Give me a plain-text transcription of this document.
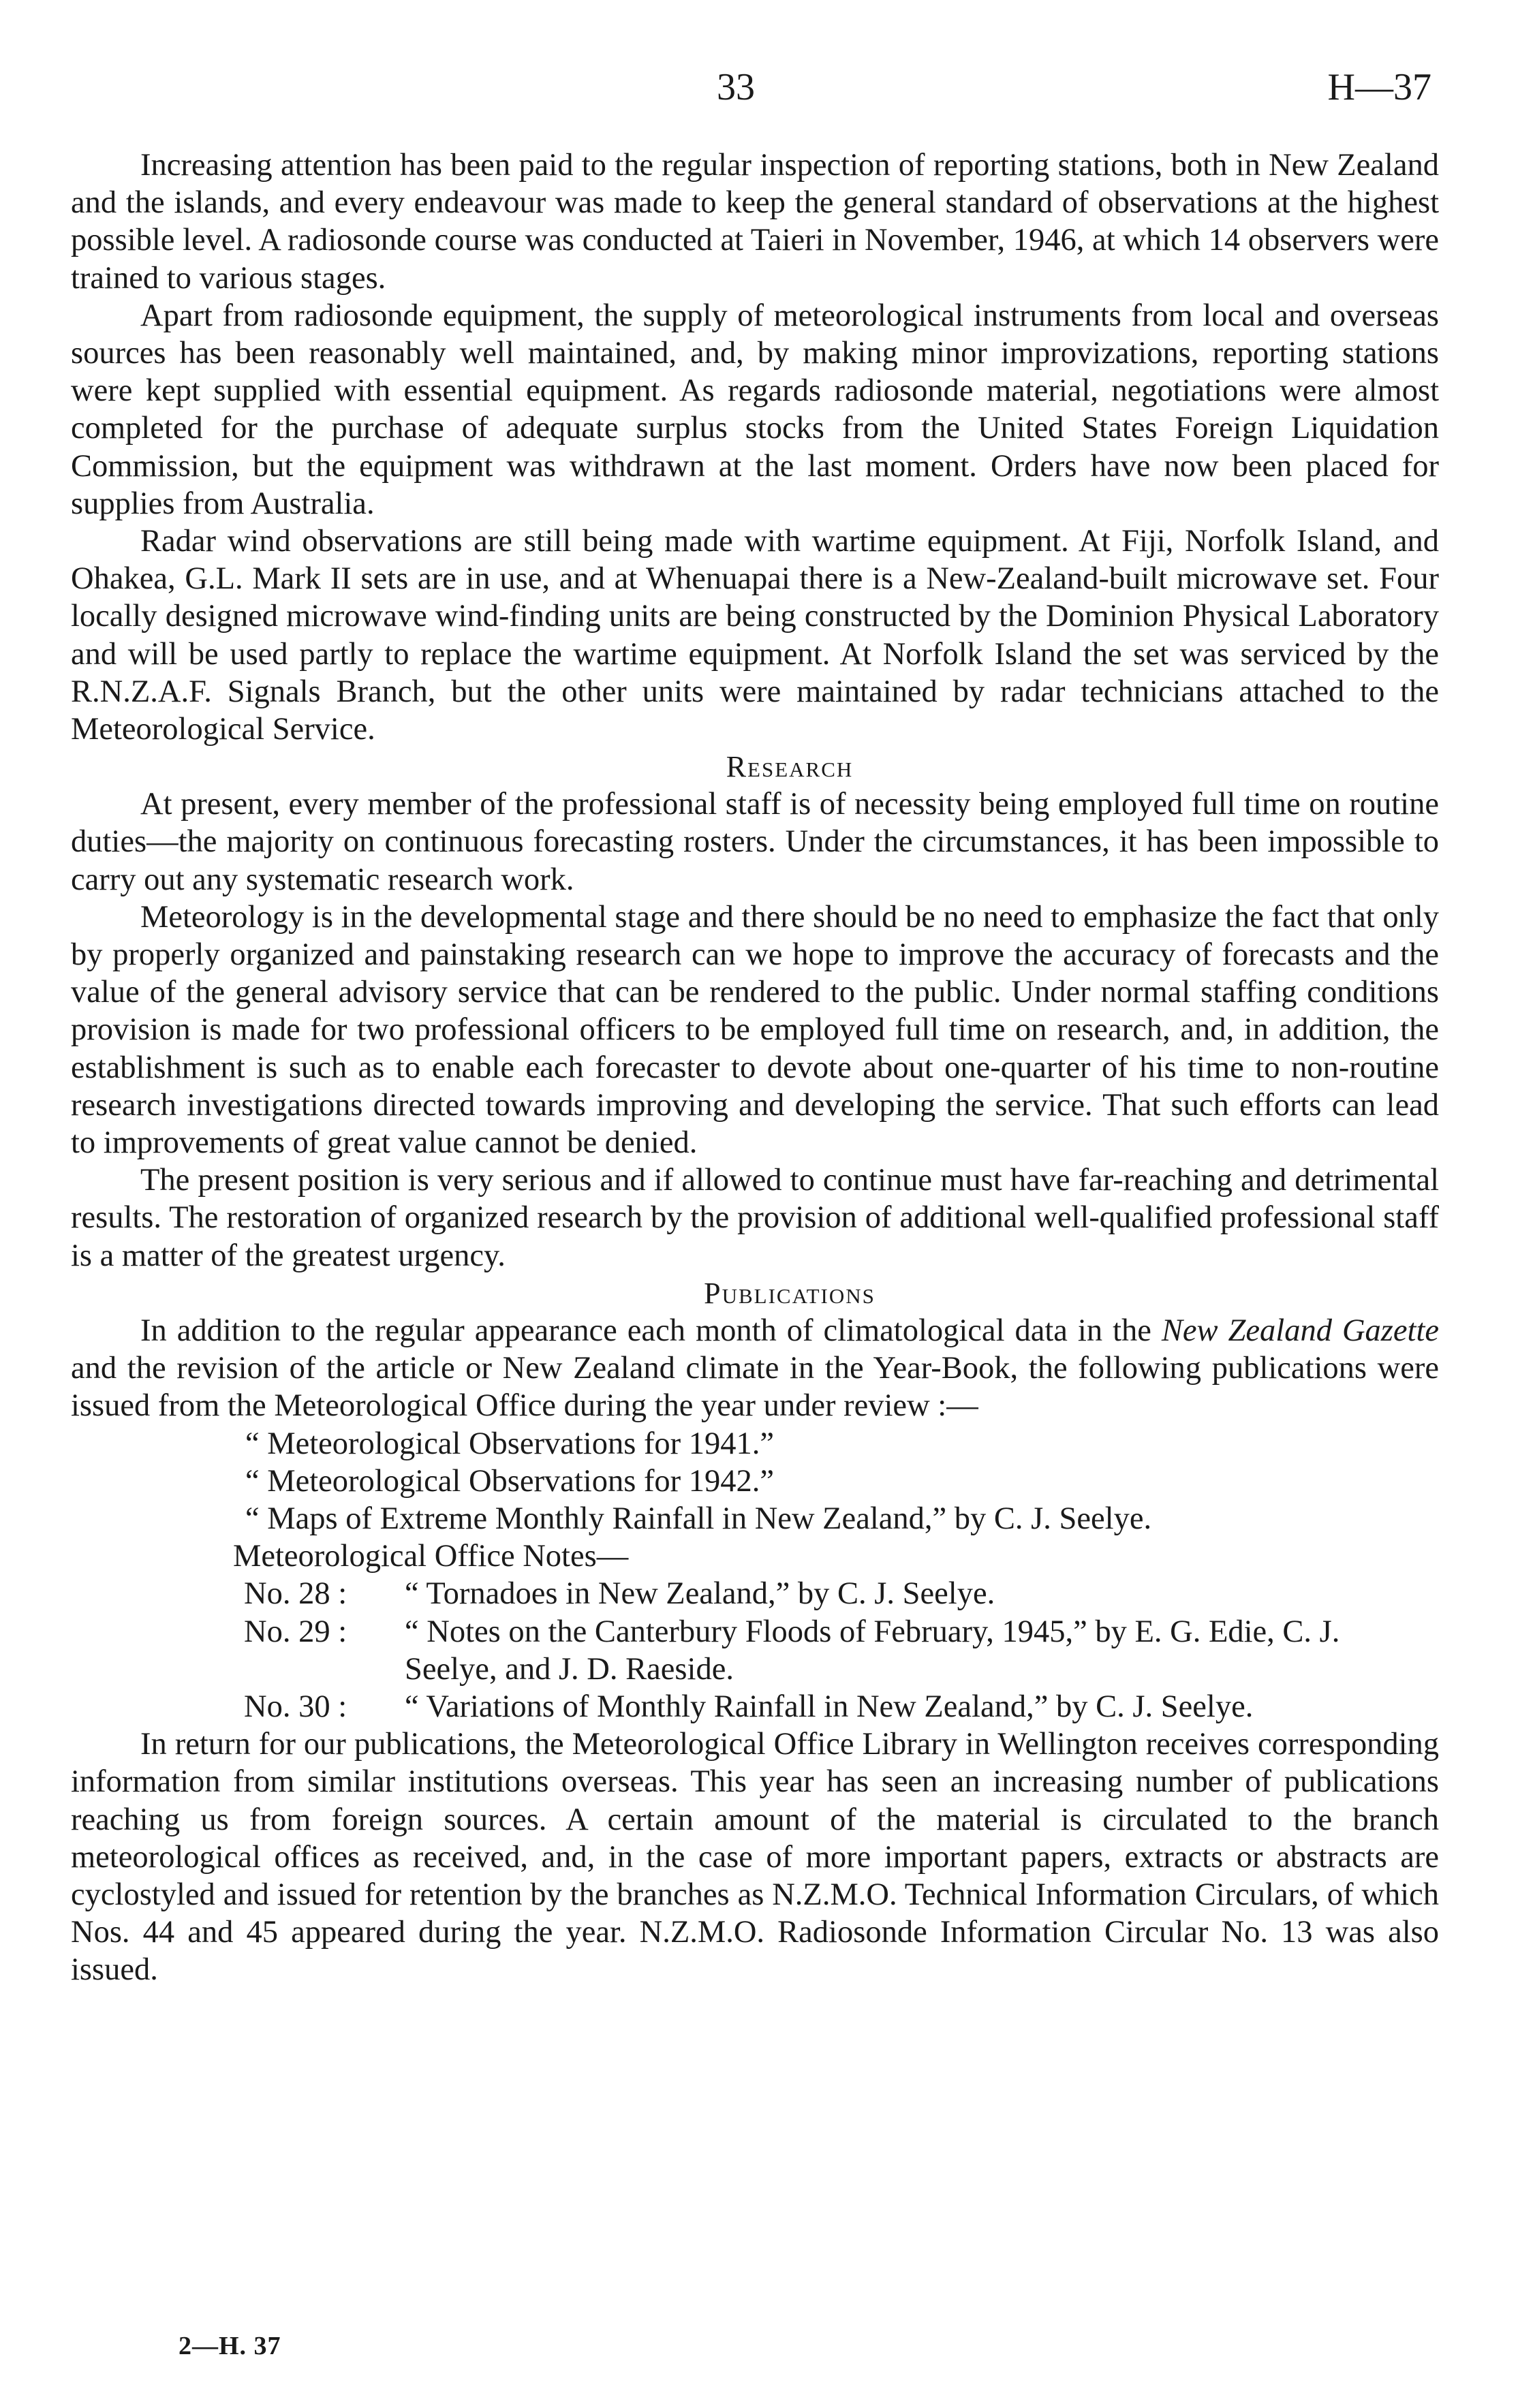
33	H—37

Increasing attention has been paid to the regular inspection of reporting stations, both in New Zealand and the islands, and every endeavour was made to keep the general standard of observations at the highest possible level. A radiosonde course was conducted at Taieri in November, 1946, at which 14 observers were trained to various stages.

Apart from radiosonde equipment, the supply of meteorological instruments from local and overseas sources has been reasonably well maintained, and, by making minor improvizations, reporting stations were kept supplied with essential equipment. As regards radiosonde material, negotiations were almost completed for the purchase of adequate surplus stocks from the United States Foreign Liquidation Commission, but the equipment was withdrawn at the last moment. Orders have now been placed for supplies from Australia.

Radar wind observations are still being made with wartime equipment. At Fiji, Norfolk Island, and Ohakea, G.L. Mark II sets are in use, and at Whenuapai there is a New-Zealand-built microwave set. Four locally designed microwave wind-finding units are being constructed by the Dominion Physical Laboratory and will be used partly to replace the wartime equipment. At Norfolk Island the set was serviced by the R.N.Z.A.F. Signals Branch, but the other units were maintained by radar technicians attached to the Meteorological Service.

Research

At present, every member of the professional staff is of necessity being employed full time on routine duties—the majority on continuous forecasting rosters. Under the circumstances, it has been impossible to carry out any systematic research work.

Meteorology is in the developmental stage and there should be no need to emphasize the fact that only by properly organized and painstaking research can we hope to improve the accuracy of forecasts and the value of the general advisory service that can be rendered to the public. Under normal staffing conditions provision is made for two professional officers to be employed full time on research, and, in addition, the establishment is such as to enable each forecaster to devote about one-quarter of his time to non-routine research investigations directed towards improving and developing the service. That such efforts can lead to improvements of great value cannot be denied.

The present position is very serious and if allowed to continue must have far-reaching and detrimental results. The restoration of organized research by the provision of additional well-qualified professional staff is a matter of the greatest urgency.

Publications

In addition to the regular appearance each month of climatological data in the New Zealand Gazette and the revision of the article or New Zealand climate in the Year-Book, the following publications were issued from the Meteorological Office during the year under review :—

“ Meteorological Observations for 1941.”

“ Meteorological Observations for 1942.”

“ Maps of Extreme Monthly Rainfall in New Zealand,” by C. J. Seelye.

Meteorological Office Notes—

No. 28 :	“ Tornadoes in New Zealand,” by C. J. Seelye.
No. 29 :	“ Notes on the Canterbury Floods of February, 1945,” by E. G. Edie, C. J. Seelye, and J. D. Raeside.
No. 30 :	“ Variations of Monthly Rainfall in New Zealand,” by C. J. Seelye.

In return for our publications, the Meteorological Office Library in Wellington receives corresponding information from similar institutions overseas. This year has seen an increasing number of publications reaching us from foreign sources. A certain amount of the material is circulated to the branch meteorological offices as received, and, in the case of more important papers, extracts or abstracts are cyclostyled and issued for retention by the branches as N.Z.M.O. Technical Information Circulars, of which Nos. 44 and 45 appeared during the year. N.Z.M.O. Radiosonde Information Circular No. 13 was also issued.

2—H. 37
